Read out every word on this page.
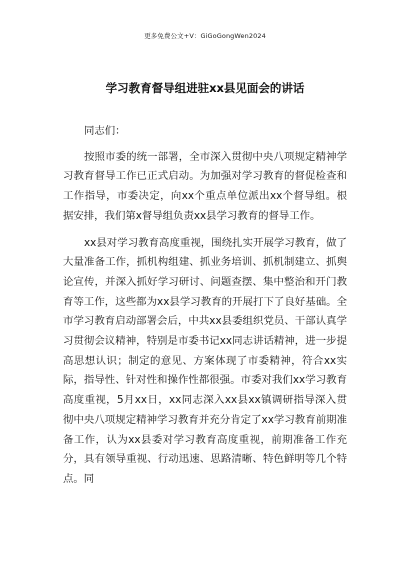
更多免费公文+V：GiGoGongWen2024
学习教育督导组进驻xx县见面会的讲话

同志们：

按照市委的统一部署，全市深入贯彻中央八项规定精神学习教育督导工作已正式启动。为加强对学习教育的督促检查和工作指导，市委决定，向xx个重点单位派出xx个督导组。根据安排，我们第x督导组负责xx县学习教育的督导工作。

xx县对学习教育高度重视，围绕扎实开展学习教育，做了大量准备工作，抓机构组建、抓业务培训、抓机制建立、抓舆论宣传，并深入抓好学习研讨、问题查摆、集中整治和开门教育等工作，这些都为xx县学习教育的开展打下了良好基础。全市学习教育启动部署会后，中共xx县委组织党员、干部认真学习贯彻会议精神，特别是市委书记xx同志讲话精神，进一步提高思想认识；制定的意见、方案体现了市委精神，符合xx实际，指导性、针对性和操作性都很强。市委对我们xx学习教育高度重视，5月xx日，xx同志深入xx县xx镇调研指导深入贯彻中央八项规定精神学习教育并充分肯定了xx学习教育前期准备工作，认为xx县委对学习教育高度重视，前期准备工作充分，具有领导重视、行动迅速、思路清晰、特色鲜明等几个特点。同
